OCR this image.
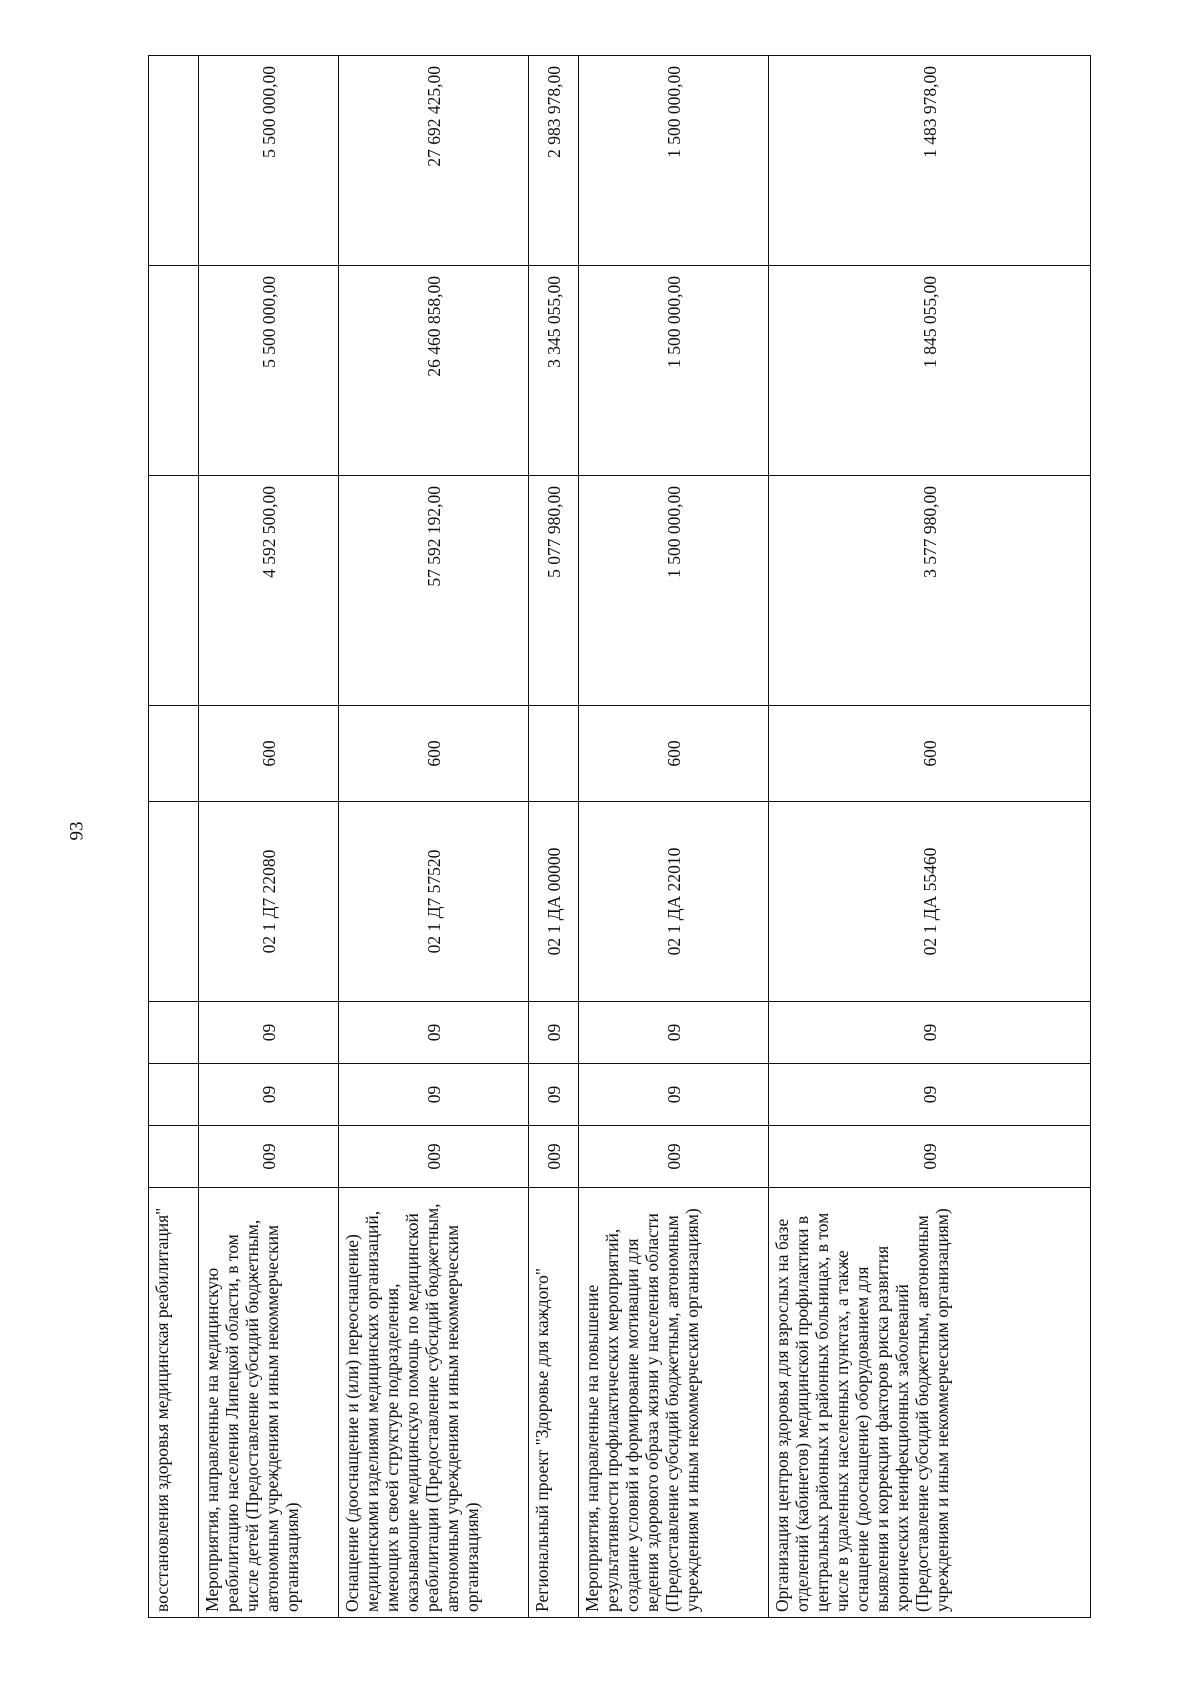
93
восстановления здоровья медицинская реабилитация"								
Мероприятия, направленные на медицинскую реабилитацию населения Липецкой области, в том числе детей (Предоставление субсидий бюджетным, автономным учреждениям и иным некоммерческим организациям)	009	09	09	02 1 Д7 22080	600	4 592 500,00	5 500 000,00	5 500 000,00
Оснащение (дооснащение и (или) переоснащение) медицинскими изделиями медицинских организаций, имеющих в своей структуре подразделения, оказывающие медицинскую помощь по медицинской реабилитации (Предоставление субсидий бюджетным, автономным учреждениям и иным некоммерческим организациям)	009	09	09	02 1 Д7 57520	600	57 592 192,00	26 460 858,00	27 692 425,00
Региональный проект "Здоровье для каждого"	009	09	09	02 1 ДА 00000		5 077 980,00	3 345 055,00	2 983 978,00
Мероприятия, направленные на повышение результативности профилактических мероприятий, создание условий и формирование мотивации для ведения здорового образа жизни у населения области (Предоставление субсидий бюджетным, автономным учреждениям и иным некоммерческим организациям)	009	09	09	02 1 ДА 22010	600	1 500 000,00	1 500 000,00	1 500 000,00
Организация центров здоровья для взрослых на базе отделений (кабинетов) медицинской профилактики в центральных районных и районных больницах, в том числе в удаленных населенных пунктах, а также оснащение (дооснащение) оборудованием для выявления и коррекции факторов риска развития хронических неинфекционных заболеваний (Предоставление субсидий бюджетным, автономным учреждениям и иным некоммерческим организациям)	009	09	09	02 1 ДА 55460	600	3 577 980,00	1 845 055,00	1 483 978,00
